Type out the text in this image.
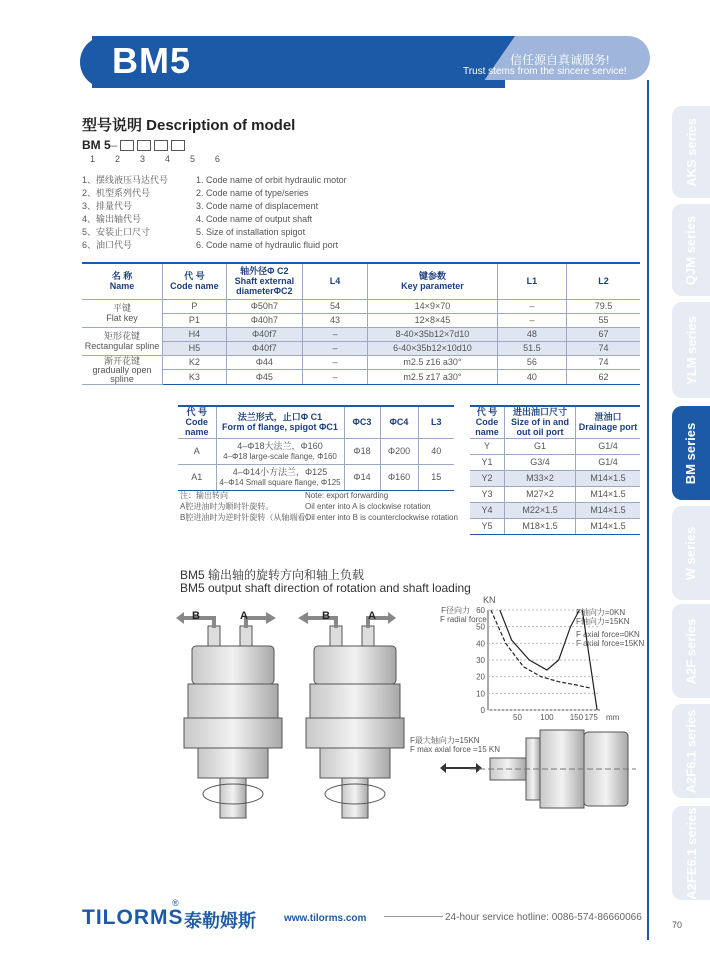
BM5	信任源自真诚服务!
Trust stems from the sincere service!
AKS series
QJM series
YLM series
BM series
W series
A2F series
A2F6.1 series
A2FE6.1 series
型号说明 Description of model
BM 5–
1 2 3 4 5 6
1、摆线液压马达代号
2、机型系列代号
3、排量代号
4、输出轴代号
5、安装止口尺寸
6、油口代号
1. Code name of orbit hydraulic motor
2. Code name of type/series
3. Code name of displacement
4. Code name of output shaft
5. Size of installation spigot
6. Code name of hydraulic fluid port
名 称
Name	代 号
Code name	轴外径Φ C2
Shaft external diameterΦC2	L4	键参数
Key parameter	L1	L2
平键
Flat key	P	Φ50h7	54	14×9×70	–	79.5
	P1	Φ40h7	43	12×8×45	–	55
矩形花键
Rectangular spline	H4	Φ40f7	–	8-40×35b12×7d10	48	67
	H5	Φ40f7	–	6-40×35b12×10d10	51.5	74
渐开花键
gradually open spline	K2	Φ44	–	m2.5 z16 a30°	56	74
	K3	Φ45	–	m2.5 z17 a30°	40	62
代 号
Code name	法兰形式，止口Φ C1
Form of flange, spigot ΦC1	ΦC3	ΦC4	L3
A	4–Φ18大法兰，Φ160
4–Φ18 large-scale flange, Φ160	Φ18	Φ200	40
A1	4–Φ14小方法兰，Φ125
4–Φ14 Small square flange, Φ125	Φ14	Φ160	15
代 号
Code name	进出油口尺寸
Size of in and out oil port	泄油口
Drainage port
Y	G1	G1/4
Y1	G3/4	G1/4
Y2	M33×2	M14×1.5
Y3	M27×2	M14×1.5
Y4	M22×1.5	M14×1.5
Y5	M18×1.5	M14×1.5
注：输出转向
A腔进油时为顺时针旋转。
B腔进油时为逆时针旋转（从轴端看）
Note: export forwarding
Oil enter into A is clockwise rotation
Oil enter into B is counterclockwise rotation
BM5 输出轴的旋转方向和轴上负载
BM5 output shaft direction of rotation and shaft loading
B	A	B	A	F径向力
F radial force
KN
F轴向力=0KN
F轴向力=15KN
F axial force=0KN
F axial force=15KN
60
50
40
30
20
10
0
50 100 150 175 mm
F最大轴向力=15KN
F max axial force =15 KN
TILORMS
®
泰勒姆斯	www.tilorms.com	24-hour service hotline: 0086-574-86660066
70
